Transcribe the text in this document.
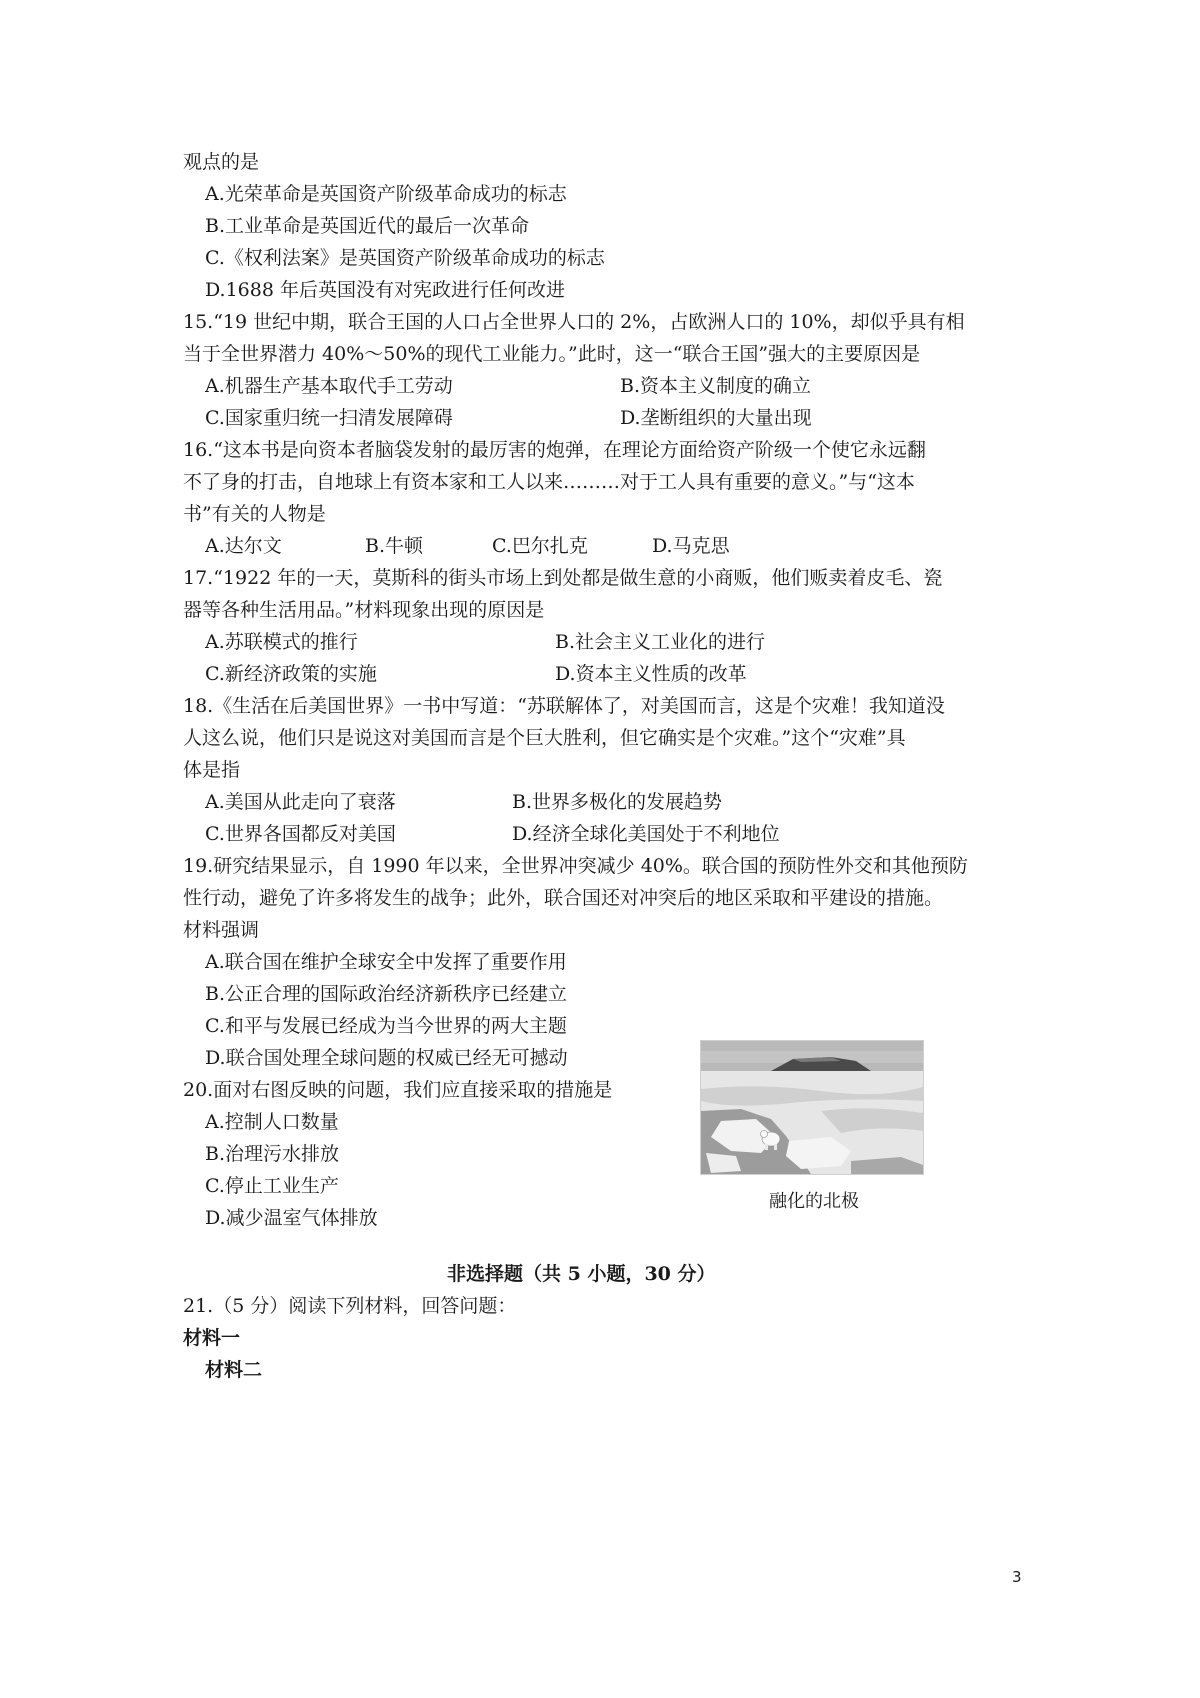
观点的是
A.光荣革命是英国资产阶级革命成功的标志
B.工业革命是英国近代的最后一次革命
C.《权利法案》是英国资产阶级革命成功的标志
D.1688 年后英国没有对宪政进行任何改进
15.“19 世纪中期，联合王国的人口占全世界人口的 2%，占欧洲人口的 10%，却似乎具有相
当于全世界潜力 40%～50%的现代工业能力。”此时，这一“联合王国”强大的主要原因是
A.机器生产基本取代手工劳动	B.资本主义制度的确立
C.国家重归统一扫清发展障碍	D.垄断组织的大量出现
16.“这本书是向资本者脑袋发射的最厉害的炮弹，在理论方面给资产阶级一个使它永远翻
不了身的打击，自地球上有资本家和工人以来………对于工人具有重要的意义。”与“这本
书”有关的人物是
A.达尔文	B.牛顿	C.巴尔扎克	D.马克思
17.“1922 年的一天，莫斯科的街头市场上到处都是做生意的小商贩，他们贩卖着皮毛、瓷
器等各种生活用品。”材料现象出现的原因是
A.苏联模式的推行	B.社会主义工业化的进行
C.新经济政策的实施	D.资本主义性质的改革
18.《生活在后美国世界》一书中写道：“苏联解体了，对美国而言，这是个灾难！我知道没
人这么说，他们只是说这对美国而言是个巨大胜利，但它确实是个灾难。”这个“灾难”具
体是指
A.美国从此走向了衰落	B.世界多极化的发展趋势
C.世界各国都反对美国	D.经济全球化美国处于不利地位
19.研究结果显示，自 1990 年以来，全世界冲突减少 40%。联合国的预防性外交和其他预防
性行动，避免了许多将发生的战争；此外，联合国还对冲突后的地区采取和平建设的措施。
材料强调
A.联合国在维护全球安全中发挥了重要作用
B.公正合理的国际政治经济新秩序已经建立
C.和平与发展已经成为当今世界的两大主题
D.联合国处理全球问题的权威已经无可撼动
20.面对右图反映的问题，我们应直接采取的措施是
A.控制人口数量
B.治理污水排放
C.停止工业生产
D.减少温室气体排放
融化的北极
非选择题（共 5 小题，30 分）
21.（5 分）阅读下列材料，回答问题：
材料一
材料二
3
